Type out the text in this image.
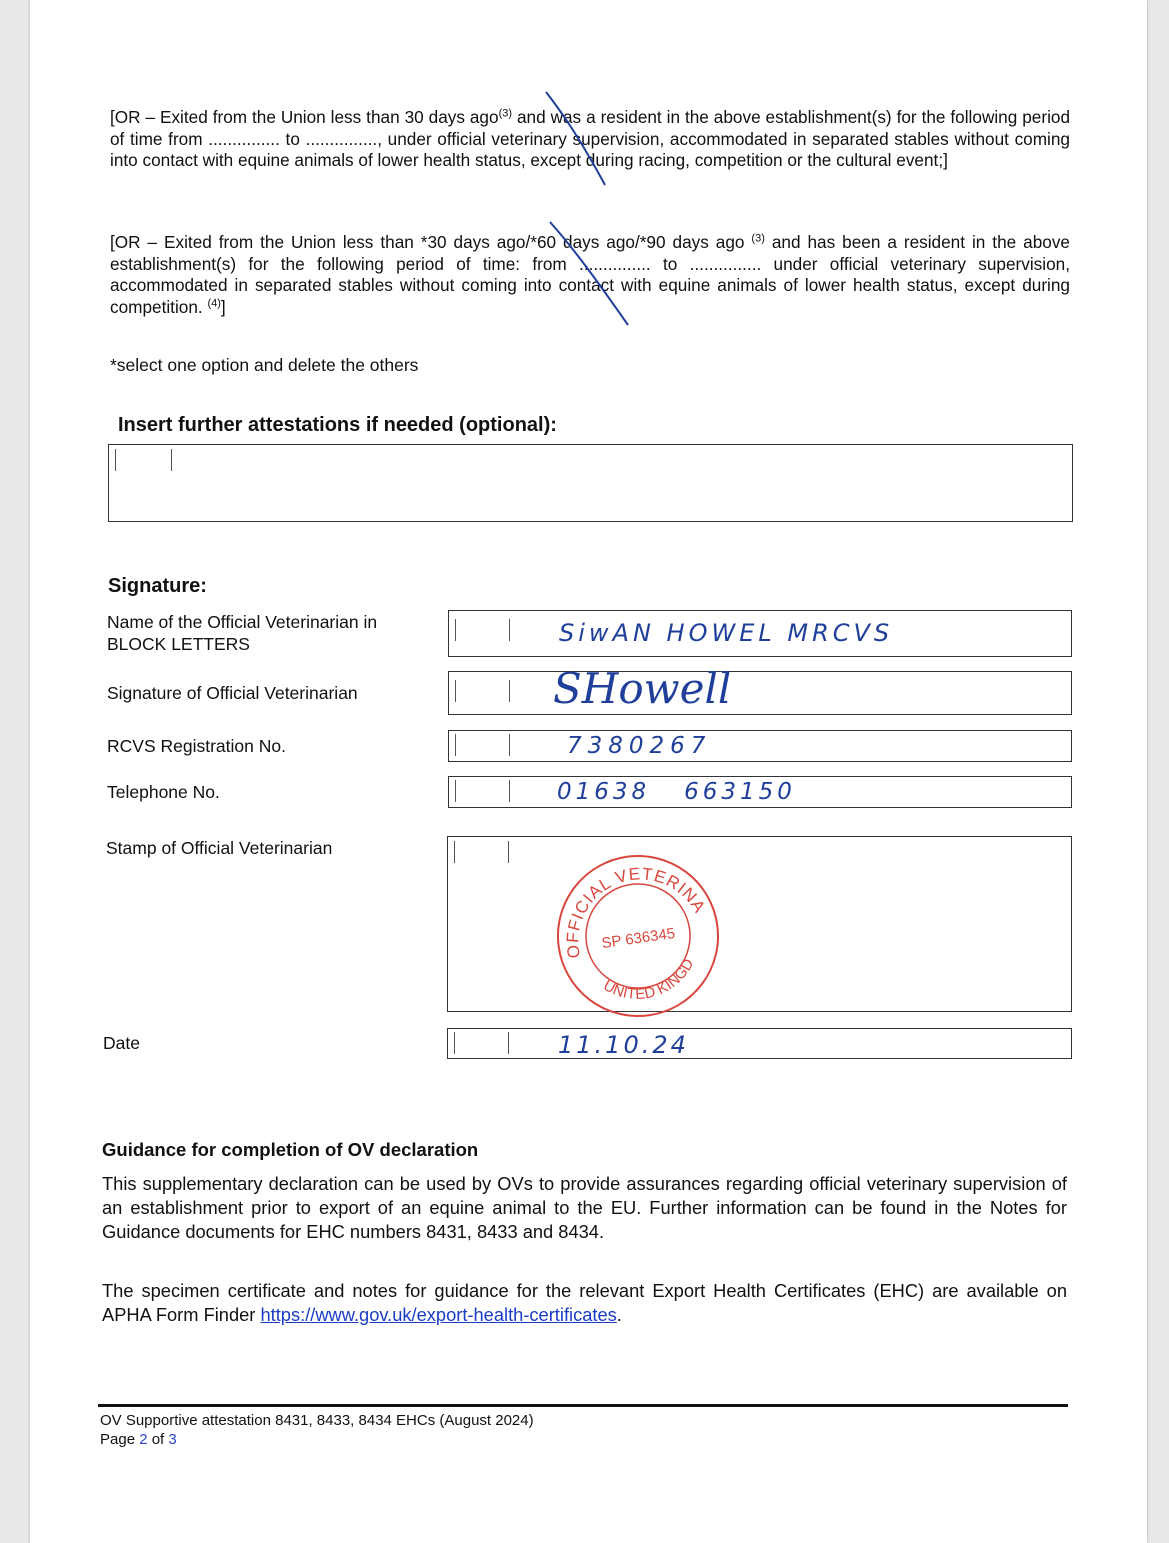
[OR – Exited from the Union less than 30 days ago$^{(3)}$ and was a resident in the above establishment(s) for the following period of time from ............... to ..............., under official veterinary supervision, accommodated in separated stables without coming into contact with equine animals of lower health status, except during racing, competition or the cultural event;]
[OR – Exited from the Union less than *30 days ago/*60 days ago/*90 days ago $^{(3)}$ and has been a resident in the above establishment(s) for the following period of time: from ............... to ............... under official veterinary supervision, accommodated in separated stables without coming into contact with equine animals of lower health status, except during competition. $^{(4)}$]
*select one option and delete the others
Insert further attestations if needed (optional):
Signature:
Name of the Official Veterinarian in BLOCK LETTERS	SiwAN HOWEL MRCVS
Signature of Official Veterinarian	SHowell
RCVS Registration No.	7380267
Telephone No.	01638   663150
Stamp of Official Veterinarian
OFFICIAL VETERINARIAN
UNITED KINGDOM
SP 636345
Date	11.10.24
Guidance for completion of OV declaration
This supplementary declaration can be used by OVs to provide assurances regarding official veterinary supervision of an establishment prior to export of an equine animal to the EU. Further information can be found in the Notes for Guidance documents for EHC numbers 8431, 8433 and 8434.
The specimen certificate and notes for guidance for the relevant Export Health Certificates (EHC) are available on APHA Form Finder https://www.gov.uk/export-health-certificates.
OV Supportive attestation 8431, 8433, 8434 EHCs (August 2024)
Page 2 of 3
